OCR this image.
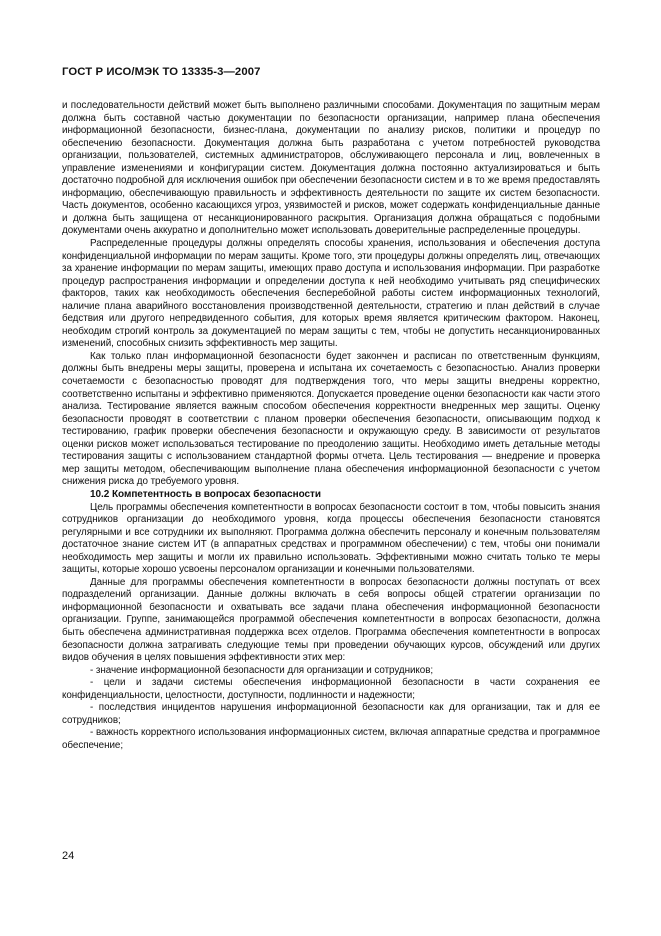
ГОСТ Р ИСО/МЭК ТО 13335-3—2007

и последовательности действий может быть выполнено различными способами. Документация по защитным мерам должна быть составной частью документации по безопасности организации, например плана обеспечения информационной безопасности, бизнес-плана, документации по анализу рисков, политики и процедур по обеспечению безопасности. Документация должна быть разработана с учетом потребностей руководства организации, пользователей, системных администраторов, обслуживающего персонала и лиц, вовлеченных в управление изменениями и конфигурации систем. Документация должна постоянно актуализироваться и быть достаточно подробной для исключения ошибок при обеспечении безопасности систем и в то же время предоставлять информацию, обеспечивающую правильность и эффективность деятельности по защите их систем безопасности. Часть документов, особенно касающихся угроз, уязвимостей и рисков, может содержать конфиденциальные данные и должна быть защищена от несанкционированного раскрытия. Организация должна обращаться с подобными документами очень аккуратно и дополнительно может использовать доверительные распределенные процедуры.

Распределенные процедуры должны определять способы хранения, использования и обеспечения доступа конфиденциальной информации по мерам защиты. Кроме того, эти процедуры должны определять лиц, отвечающих за хранение информации по мерам защиты, имеющих право доступа и использования информации. При разработке процедур распространения информации и определении доступа к ней необходимо учитывать ряд специфических факторов, таких как необходимость обеспечения бесперебойной работы систем информационных технологий, наличие плана аварийного восстановления производственной деятельности, стратегию и план действий в случае бедствия или другого непредвиденного события, для которых время является критическим фактором. Наконец, необходим строгий контроль за документацией по мерам защиты с тем, чтобы не допустить несанкционированных изменений, способных снизить эффективность мер защиты.

Как только план информационной безопасности будет закончен и расписан по ответственным функциям, должны быть внедрены меры защиты, проверена и испытана их сочетаемость с безопасностью. Анализ проверки сочетаемости с безопасностью проводят для подтверждения того, что меры защиты внедрены корректно, соответственно испытаны и эффективно применяются. Допускается проведение оценки безопасности как части этого анализа. Тестирование является важным способом обеспечения корректности внедренных мер защиты. Оценку безопасности проводят в соответствии с планом проверки обеспечения безопасности, описывающим подход к тестированию, график проверки обеспечения безопасности и окружающую среду. В зависимости от результатов оценки рисков может использоваться тестирование по преодолению защиты. Необходимо иметь детальные методы тестирования защиты с использованием стандартной формы отчета. Цель тестирования — внедрение и проверка мер защиты методом, обеспечивающим выполнение плана обеспечения информационной безопасности с учетом снижения риска до требуемого уровня.

10.2 Компетентность в вопросах безопасности

Цель программы обеспечения компетентности в вопросах безопасности состоит в том, чтобы повысить знания сотрудников организации до необходимого уровня, когда процессы обеспечения безопасности становятся регулярными и все сотрудники их выполняют. Программа должна обеспечить персоналу и конечным пользователям достаточное знание систем ИТ (в аппаратных средствах и программном обеспечении) с тем, чтобы они понимали необходимость мер защиты и могли их правильно использовать. Эффективными можно считать только те меры защиты, которые хорошо усвоены персоналом организации и конечными пользователями.

Данные для программы обеспечения компетентности в вопросах безопасности должны поступать от всех подразделений организации. Данные должны включать в себя вопросы общей стратегии организации по информационной безопасности и охватывать все задачи плана обеспечения информационной безопасности организации. Группе, занимающейся программой обеспечения компетентности в вопросах безопасности, должна быть обеспечена административная поддержка всех отделов. Программа обеспечения компетентности в вопросах безопасности должна затрагивать следующие темы при проведении обучающих курсов, обсуждений или других видов обучения в целях повышения эффективности этих мер:

- значение информационной безопасности для организации и сотрудников;

- цели и задачи системы обеспечения информационной безопасности в части сохранения ее конфиденциальности, целостности, доступности, подлинности и надежности;

- последствия инцидентов нарушения информационной безопасности как для организации, так и для ее сотрудников;

- важность корректного использования информационных систем, включая аппаратные средства и программное обеспечение;

24
